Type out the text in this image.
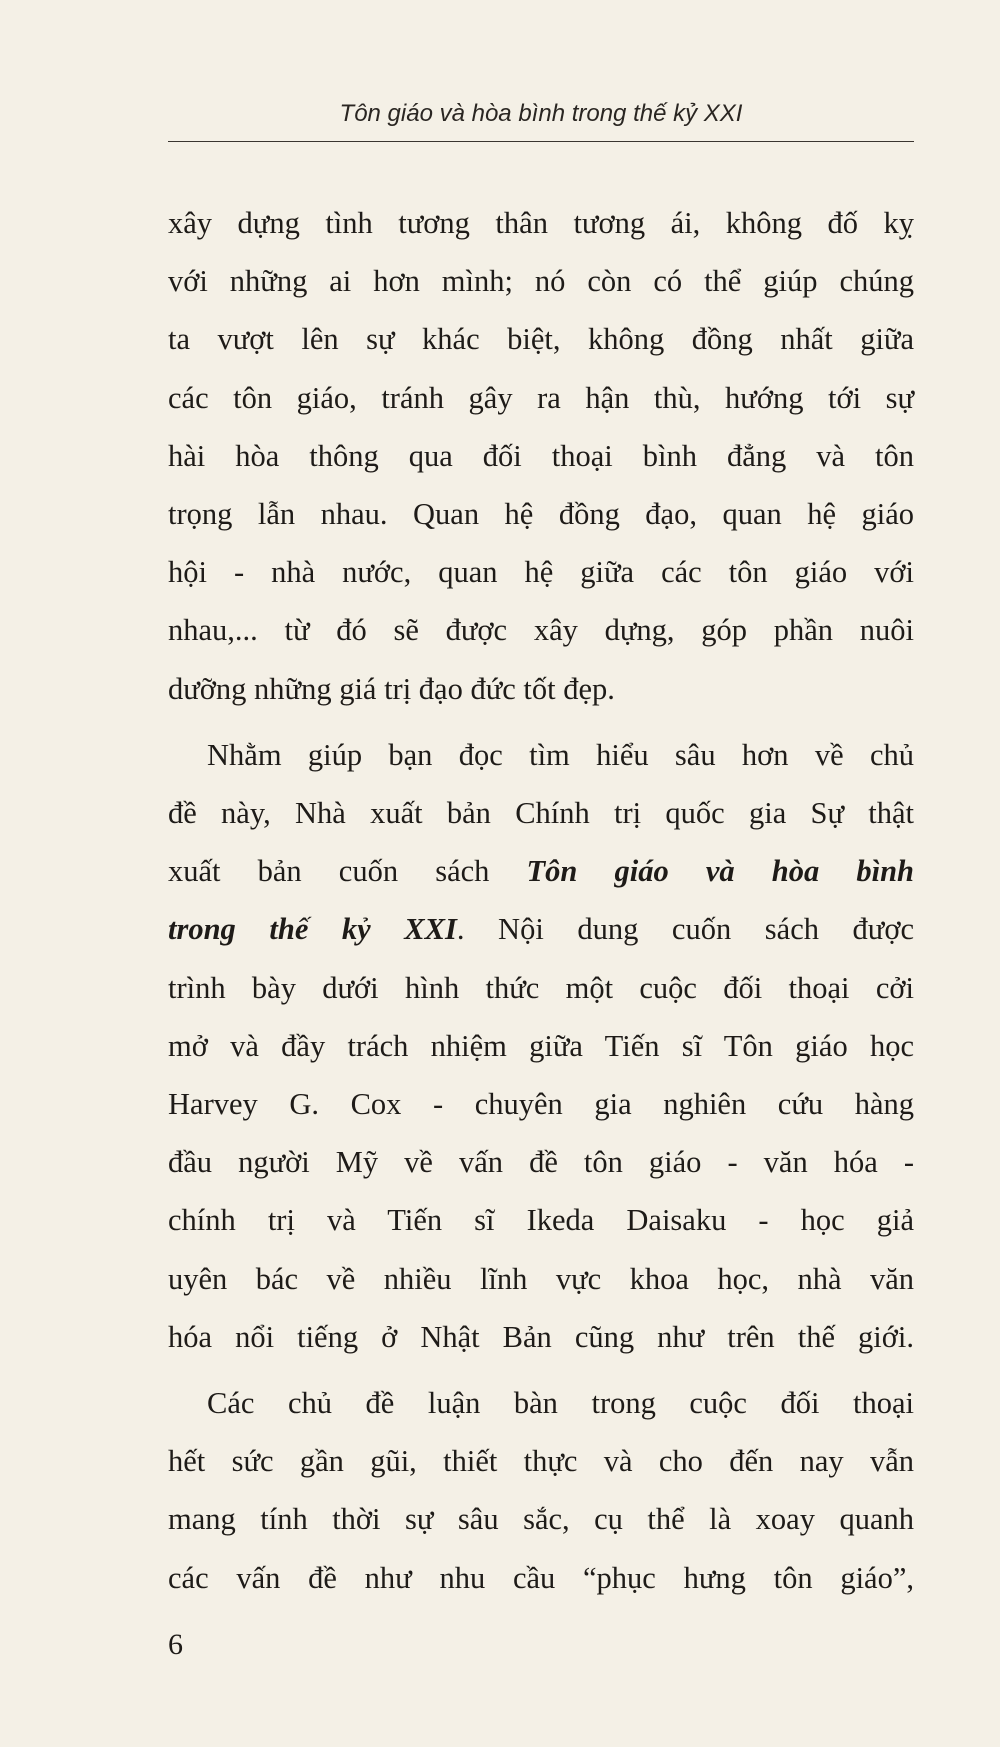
Tôn giáo và hòa bình trong thế kỷ XXI

xây dựng tình tương thân tương ái, không đố kỵ
với những ai hơn mình; nó còn có thể giúp chúng
ta vượt lên sự khác biệt, không đồng nhất giữa
các tôn giáo, tránh gây ra hận thù, hướng tới sự
hài hòa thông qua đối thoại bình đẳng và tôn
trọng lẫn nhau. Quan hệ đồng đạo, quan hệ giáo
hội - nhà nước, quan hệ giữa các tôn giáo với
nhau,... từ đó sẽ được xây dựng, góp phần nuôi
dưỡng những giá trị đạo đức tốt đẹp.

Nhằm giúp bạn đọc tìm hiểu sâu hơn về chủ
đề này, Nhà xuất bản Chính trị quốc gia Sự thật
xuất bản cuốn sách Tôn giáo và hòa bình
trong thế kỷ XXI. Nội dung cuốn sách được
trình bày dưới hình thức một cuộc đối thoại cởi
mở và đầy trách nhiệm giữa Tiến sĩ Tôn giáo học
Harvey G. Cox - chuyên gia nghiên cứu hàng
đầu người Mỹ về vấn đề tôn giáo - văn hóa -
chính trị và Tiến sĩ Ikeda Daisaku - học giả
uyên bác về nhiều lĩnh vực khoa học, nhà văn
hóa nổi tiếng ở Nhật Bản cũng như trên thế giới.

Các chủ đề luận bàn trong cuộc đối thoại
hết sức gần gũi, thiết thực và cho đến nay vẫn
mang tính thời sự sâu sắc, cụ thể là xoay quanh
các vấn đề như nhu cầu “phục hưng tôn giáo”,

6
